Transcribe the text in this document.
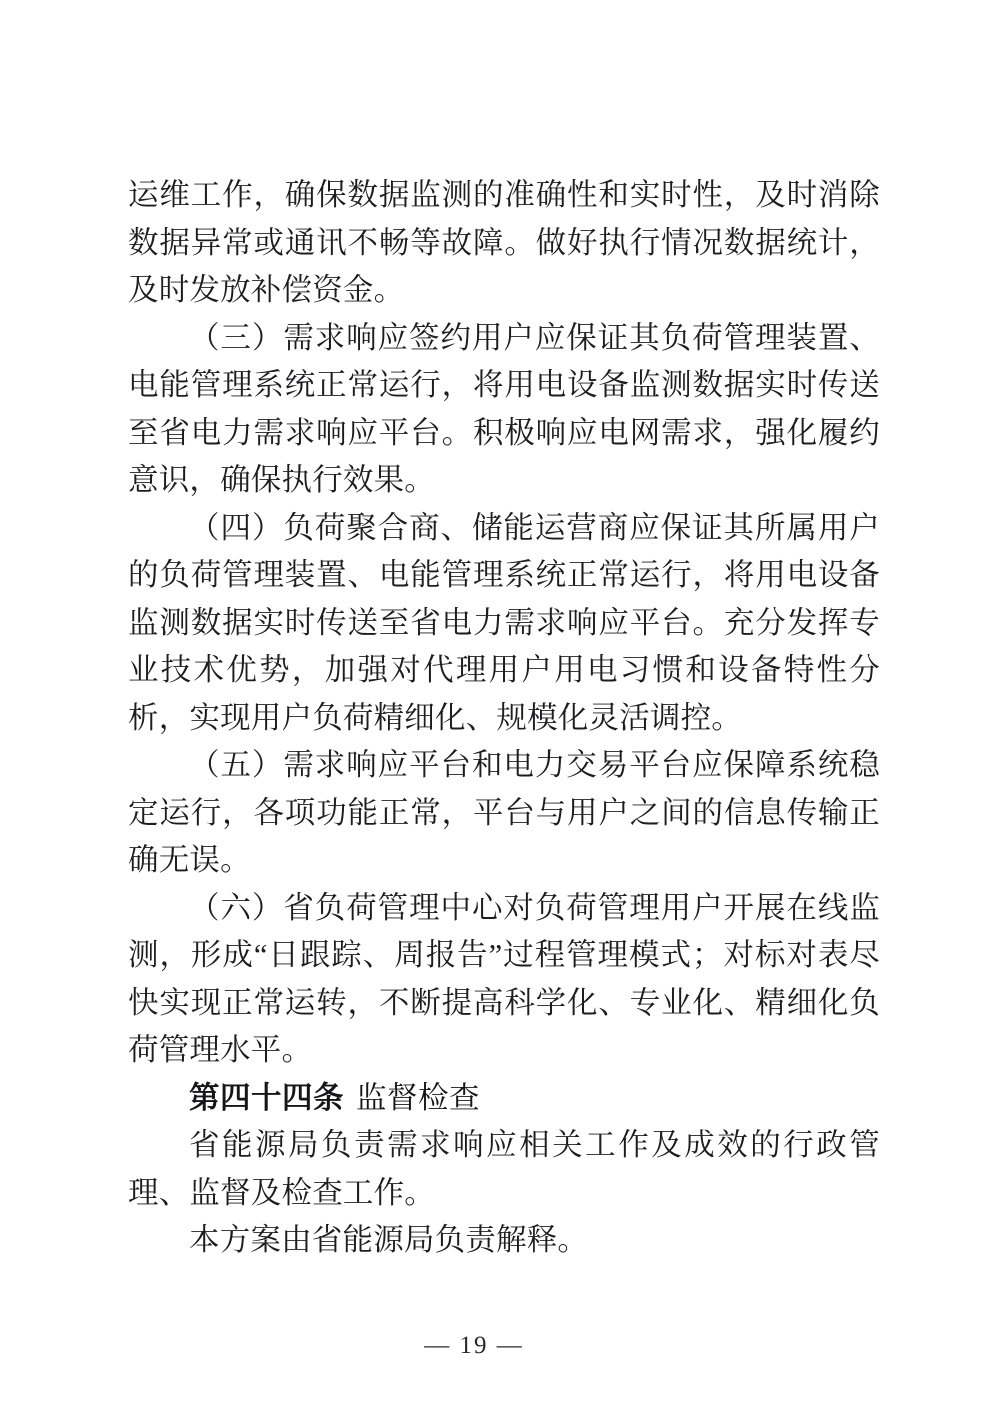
运维工作，确保数据监测的准确性和实时性，及时消除数据异常或通讯不畅等故障。做好执行情况数据统计，及时发放补偿资金。

（三）需求响应签约用户应保证其负荷管理装置、电能管理系统正常运行，将用电设备监测数据实时传送至省电力需求响应平台。积极响应电网需求，强化履约意识，确保执行效果。

（四）负荷聚合商、储能运营商应保证其所属用户的负荷管理装置、电能管理系统正常运行，将用电设备监测数据实时传送至省电力需求响应平台。充分发挥专业技术优势，加强对代理用户用电习惯和设备特性分析，实现用户负荷精细化、规模化灵活调控。

（五）需求响应平台和电力交易平台应保障系统稳定运行，各项功能正常，平台与用户之间的信息传输正确无误。

（六）省负荷管理中心对负荷管理用户开展在线监测，形成“日跟踪、周报告”过程管理模式；对标对表尽快实现正常运转，不断提高科学化、专业化、精细化负荷管理水平。

第四十四条 监督检查

省能源局负责需求响应相关工作及成效的行政管理、监督及检查工作。

本方案由省能源局负责解释。

— 19 —
